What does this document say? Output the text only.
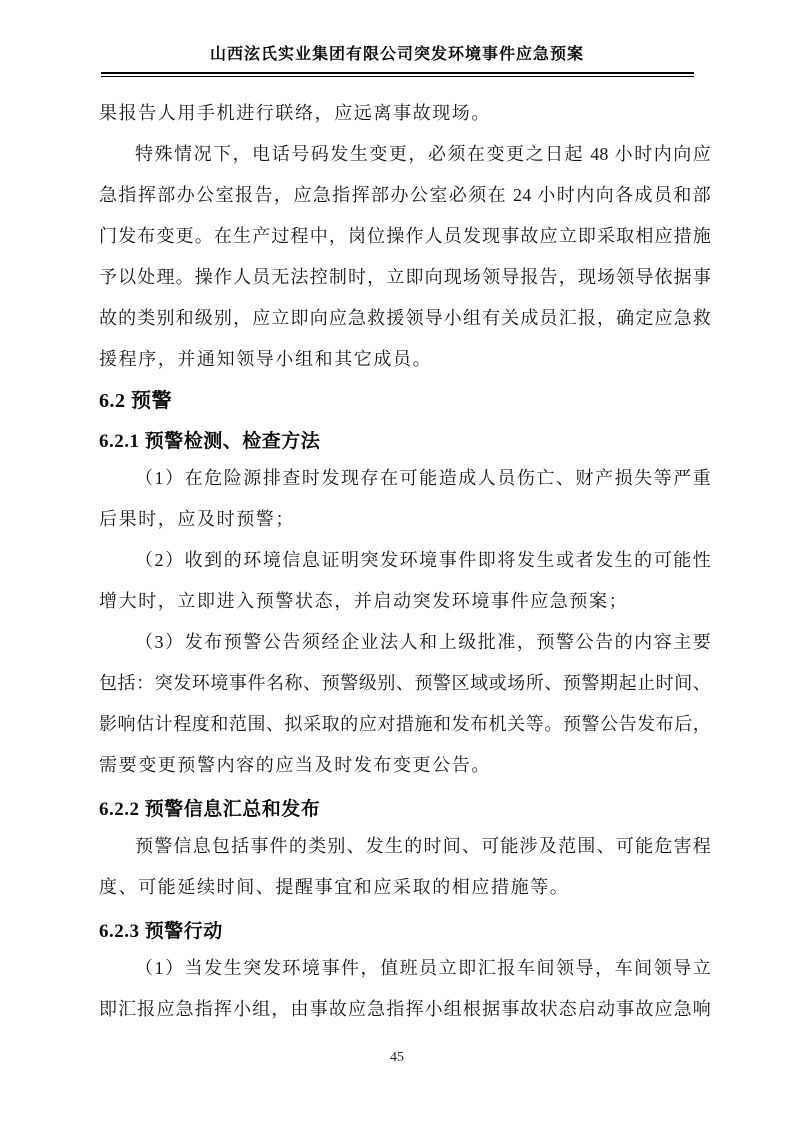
山西泫氏实业集团有限公司突发环境事件应急预案
果报告人用手机进行联络，应远离事故现场。
特殊情况下，电话号码发生变更，必须在变更之日起 48 小时内向应
急指挥部办公室报告，应急指挥部办公室必须在 24 小时内向各成员和部
门发布变更。在生产过程中，岗位操作人员发现事故应立即采取相应措施
予以处理。操作人员无法控制时，立即向现场领导报告，现场领导依据事
故的类别和级别，应立即向应急救援领导小组有关成员汇报，确定应急救
援程序，并通知领导小组和其它成员。
6.2 预警
6.2.1 预警检测、检查方法
（1）在危险源排查时发现存在可能造成人员伤亡、财产损失等严重
后果时，应及时预警；
（2）收到的环境信息证明突发环境事件即将发生或者发生的可能性
增大时，立即进入预警状态，并启动突发环境事件应急预案；
（3）发布预警公告须经企业法人和上级批准，预警公告的内容主要
包括：突发环境事件名称、预警级别、预警区域或场所、预警期起止时间、
影响估计程度和范围、拟采取的应对措施和发布机关等。预警公告发布后，
需要变更预警内容的应当及时发布变更公告。
6.2.2 预警信息汇总和发布
预警信息包括事件的类别、发生的时间、可能涉及范围、可能危害程
度、可能延续时间、提醒事宜和应采取的相应措施等。
6.2.3 预警行动
（1）当发生突发环境事件，值班员立即汇报车间领导，车间领导立
即汇报应急指挥小组，由事故应急指挥小组根据事故状态启动事故应急响
45
